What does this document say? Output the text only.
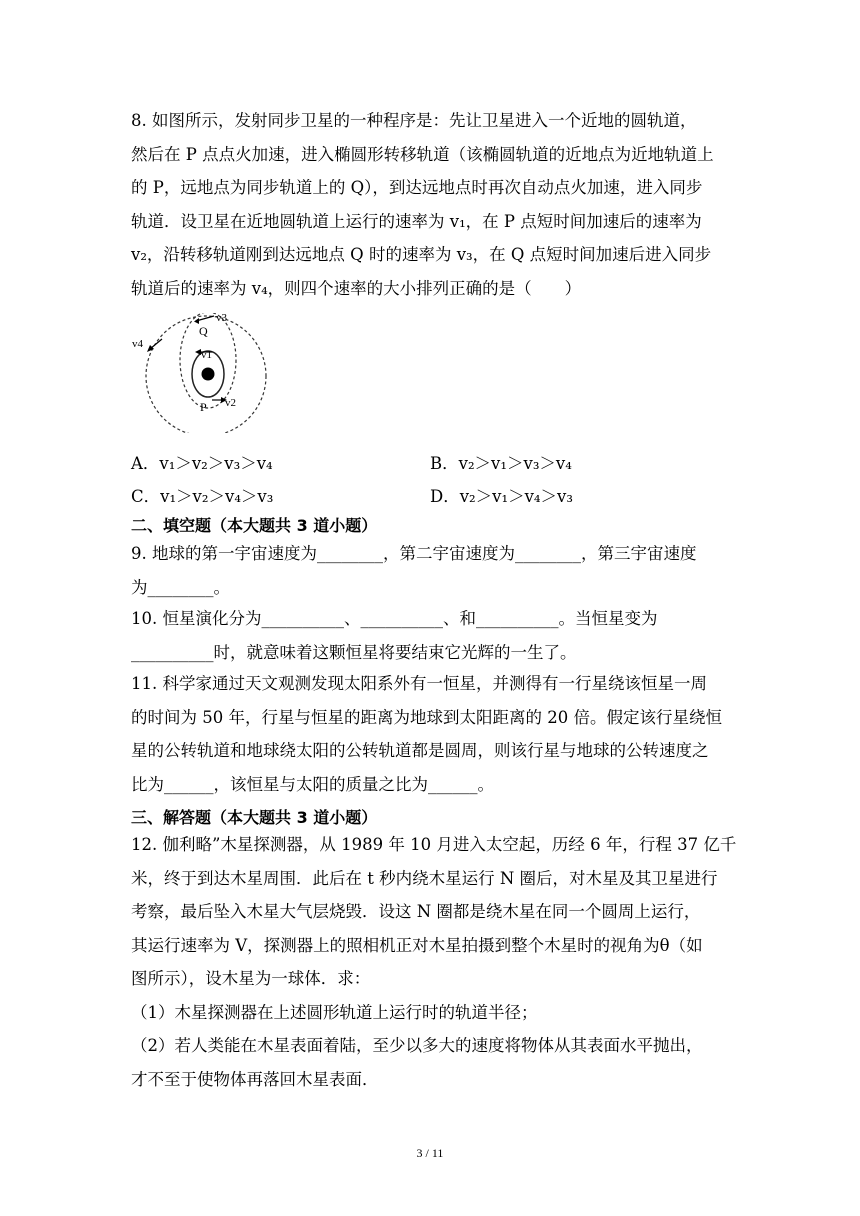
8. 如图所示，发射同步卫星的一种程序是：先让卫星进入一个近地的圆轨道，
然后在 P 点点火加速，进入椭圆形转移轨道（该椭圆轨道的近地点为近地轨道上
的 P，远地点为同步轨道上的 Q），到达远地点时再次自动点火加速，进入同步
轨道．设卫星在近地圆轨道上运行的速率为 v₁，在 P 点短时间加速后的速率为
v₂，沿转移轨道刚到达远地点 Q 时的速率为 v₃，在 Q 点短时间加速后进入同步
轨道后的速率为 v₄，则四个速率的大小排列正确的是（　　）
v4
v3
Q
v1
P v2
A．v₁＞v₂＞v₃＞v₄	B．v₂＞v₁＞v₃＞v₄
C．v₁＞v₂＞v₄＞v₃	D．v₂＞v₁＞v₄＞v₃
二、填空题（本大题共 3 道小题）
9. 地球的第一宇宙速度为________，第二宇宙速度为________，第三宇宙速度
为________。
10. 恒星演化分为__________、__________、和__________。当恒星变为
__________时，就意味着这颗恒星将要结束它光辉的一生了。
11. 科学家通过天文观测发现太阳系外有一恒星，并测得有一行星绕该恒星一周
的时间为 50 年，行星与恒星的距离为地球到太阳距离的 20 倍。假定该行星绕恒
星的公转轨道和地球绕太阳的公转轨道都是圆周，则该行星与地球的公转速度之
比为______，该恒星与太阳的质量之比为______。
三、解答题（本大题共 3 道小题）
12. 伽利略”木星探测器，从 1989 年 10 月进入太空起，历经 6 年，行程 37 亿千
米，终于到达木星周围．此后在 t 秒内绕木星运行 N 圈后，对木星及其卫星进行
考察，最后坠入木星大气层烧毁．设这 N 圈都是绕木星在同一个圆周上运行，
其运行速率为 V，探测器上的照相机正对木星拍摄到整个木星时的视角为θ（如
图所示），设木星为一球体．求：
（1）木星探测器在上述圆形轨道上运行时的轨道半径；
（2）若人类能在木星表面着陆，至少以多大的速度将物体从其表面水平抛出，
才不至于使物体再落回木星表面．
3 / 11
